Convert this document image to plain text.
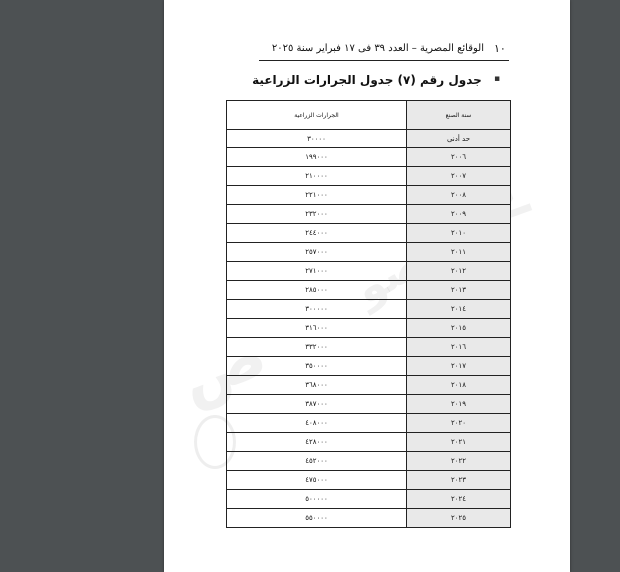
ص
إد
صو
الوقائع المصرية – العدد ٣٩ فى ١٧ فبراير سنة ٢٠٢٥ ١٠
▪
جدول رقم (٧) جدول الجرارات الزراعية
الجرارات الزراعية	سنة الصنع
٣٠٠٠٠	حد أدنى
١٩٩٠٠٠	٢٠٠٦
٢١٠٠٠٠	٢٠٠٧
٢٢١٠٠٠	٢٠٠٨
٢٣٢٠٠٠	٢٠٠٩
٢٤٤٠٠٠	٢٠١٠
٢٥٧٠٠٠	٢٠١١
٢٧١٠٠٠	٢٠١٢
٢٨٥٠٠٠	٢٠١٣
٣٠٠٠٠٠	٢٠١٤
٣١٦٠٠٠	٢٠١٥
٣٣٢٠٠٠	٢٠١٦
٣٥٠٠٠٠	٢٠١٧
٣٦٨٠٠٠	٢٠١٨
٣٨٧٠٠٠	٢٠١٩
٤٠٨٠٠٠	٢٠٢٠
٤٢٨٠٠٠	٢٠٢١
٤٥٢٠٠٠	٢٠٢٢
٤٧٥٠٠٠	٢٠٢٣
٥٠٠٠٠٠	٢٠٢٤
٥٥٠٠٠٠	٢٠٢٥
